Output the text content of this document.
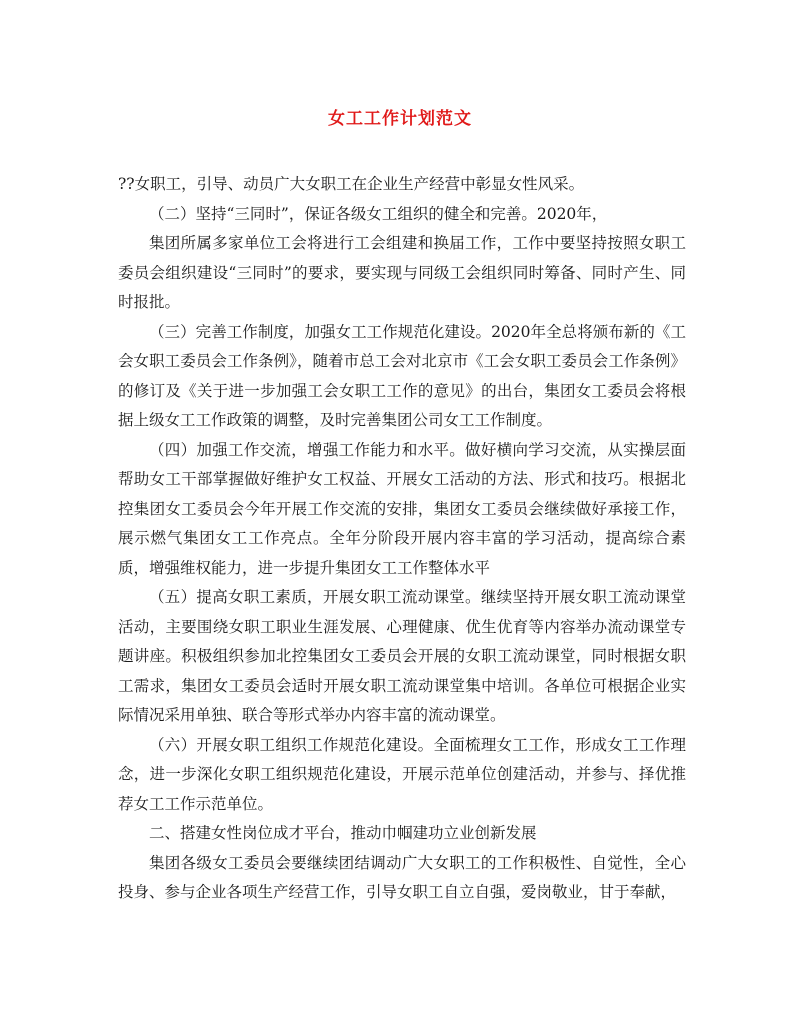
女工工作计划范文

??女职工，引导、动员广大女职工在企业生产经营中彰显女性风采。

（二）坚持“三同时”，保证各级女工组织的健全和完善。2020年，

集团所属多家单位工会将进行工会组建和换届工作，工作中要坚持按照女职工委员会组织建设“三同时”的要求，要实现与同级工会组织同时筹备、同时产生、同时报批。

（三）完善工作制度，加强女工工作规范化建设。2020年全总将颁布新的《工会女职工委员会工作条例》，随着市总工会对北京市《工会女职工委员会工作条例》的修订及《关于进一步加强工会女职工工作的意见》的出台，集团女工委员会将根据上级女工工作政策的调整，及时完善集团公司女工工作制度。

（四）加强工作交流，增强工作能力和水平。做好横向学习交流，从实操层面帮助女工干部掌握做好维护女工权益、开展女工活动的方法、形式和技巧。根据北控集团女工委员会今年开展工作交流的安排，集团女工委员会继续做好承接工作，展示燃气集团女工工作亮点。全年分阶段开展内容丰富的学习活动，提高综合素质，增强维权能力，进一步提升集团女工工作整体水平

（五）提高女职工素质，开展女职工流动课堂。继续坚持开展女职工流动课堂活动，主要围绕女职工职业生涯发展、心理健康、优生优育等内容举办流动课堂专题讲座。积极组织参加北控集团女工委员会开展的女职工流动课堂，同时根据女职工需求，集团女工委员会适时开展女职工流动课堂集中培训。各单位可根据企业实际情况采用单独、联合等形式举办内容丰富的流动课堂。

（六）开展女职工组织工作规范化建设。全面梳理女工工作，形成女工工作理念，进一步深化女职工组织规范化建设，开展示范单位创建活动，并参与、择优推荐女工工作示范单位。

二、搭建女性岗位成才平台，推动巾帼建功立业创新发展

集团各级女工委员会要继续团结调动广大女职工的工作积极性、自觉性，全心投身、参与企业各项生产经营工作，引导女职工自立自强，爱岗敬业，甘于奉献，
